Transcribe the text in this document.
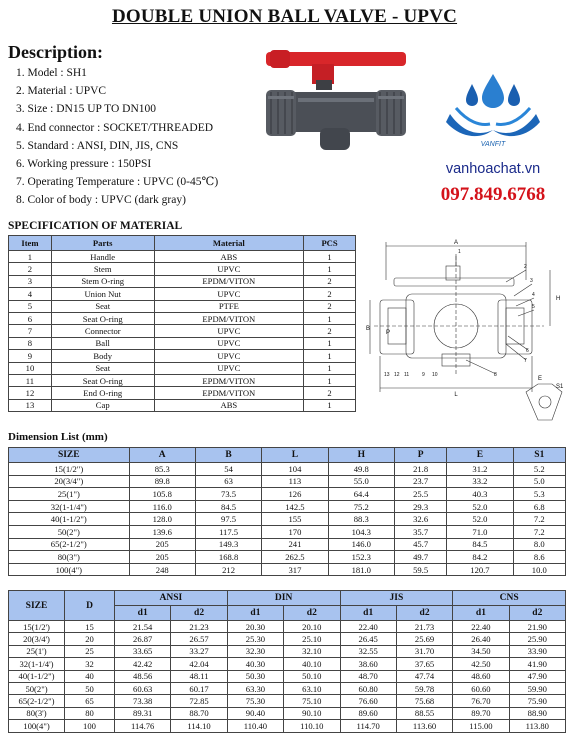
DOUBLE UNION BALL VALVE - UPVC
Description:
1. Model : SH1
2. Material : UPVC
3. Size : DN15 UP TO DN100
4. End connector : SOCKET/THREADED
5. Standard : ANSI, DIN, JIS, CNS
6. Working pressure : 150PSI
7. Operating Temperature : UPVC (0-45℃)
8. Color of body : UPVC (dark gray)
VANFIT
vanhoachat.vn
097.849.6768
SPECIFICATION OF MATERIAL
Item	Parts	Material	PCS
1	Handle	ABS	1
2	Stem	UPVC	1
3	Stem O-ring	EPDM/VITON	2
4	Union Nut	UPVC	2
5	Seat	PTFE	2
6	Seat O-ring	EPDM/VITON	1
7	Connector	UPVC	2
8	Ball	UPVC	1
9	Body	UPVC	1
10	Seat	UPVC	1
11	Seat O-ring	EPDM/VITON	1
12	End O-ring	EPDM/VITON	2
13	Cap	ABS	1
A
H
B
L
E
P
S1
1
2
3
4
5
6
7
8
9 10
11
12
13
Dimension List (mm)
SIZE	A	B	L	H	P	E	S1
15(1/2")	85.3	54	104	49.8	21.8	31.2	5.2
20(3/4")	89.8	63	113	55.0	23.7	33.2	5.0
25(1")	105.8	73.5	126	64.4	25.5	40.3	5.3
32(1-1/4")	116.0	84.5	142.5	75.2	29.3	52.0	6.8
40(1-1/2")	128.0	97.5	155	88.3	32.6	52.0	7.2
50(2")	139.6	117.5	170	104.3	35.7	71.0	7.2
65(2-1/2")	205	149.3	241	146.0	45.7	84.5	8.0
80(3")	205	168.8	262.5	152.3	49.7	84.2	8.6
100(4")	248	212	317	181.0	59.5	120.7	10.0
SIZE	D	ANSI		DIN		JIS		CNS	
		d1	d2	d1	d2	d1	d2	d1	d2
15(1/2')	15	21.54	21.23	20.30	20.10	22.40	21.73	22.40	21.90
20(3/4')	20	26.87	26.57	25.30	25.10	26.45	25.69	26.40	25.90
25(1')	25	33.65	33.27	32.30	32.10	32.55	31.70	34.50	33.90
32(1-1/4')	32	42.42	42.04	40.30	40.10	38.60	37.65	42.50	41.90
40(1-1/2")	40	48.56	48.11	50.30	50.10	48.70	47.74	48.60	47.90
50(2")	50	60.63	60.17	63.30	63.10	60.80	59.78	60.60	59.90
65(2-1/2")	65	73.38	72.85	75.30	75.10	76.60	75.68	76.70	75.90
80(3')	80	89.31	88.70	90.40	90.10	89.60	88.55	89.70	88.90
100(4")	100	114.76	114.10	110.40	110.10	114.70	113.60	115.00	113.80
